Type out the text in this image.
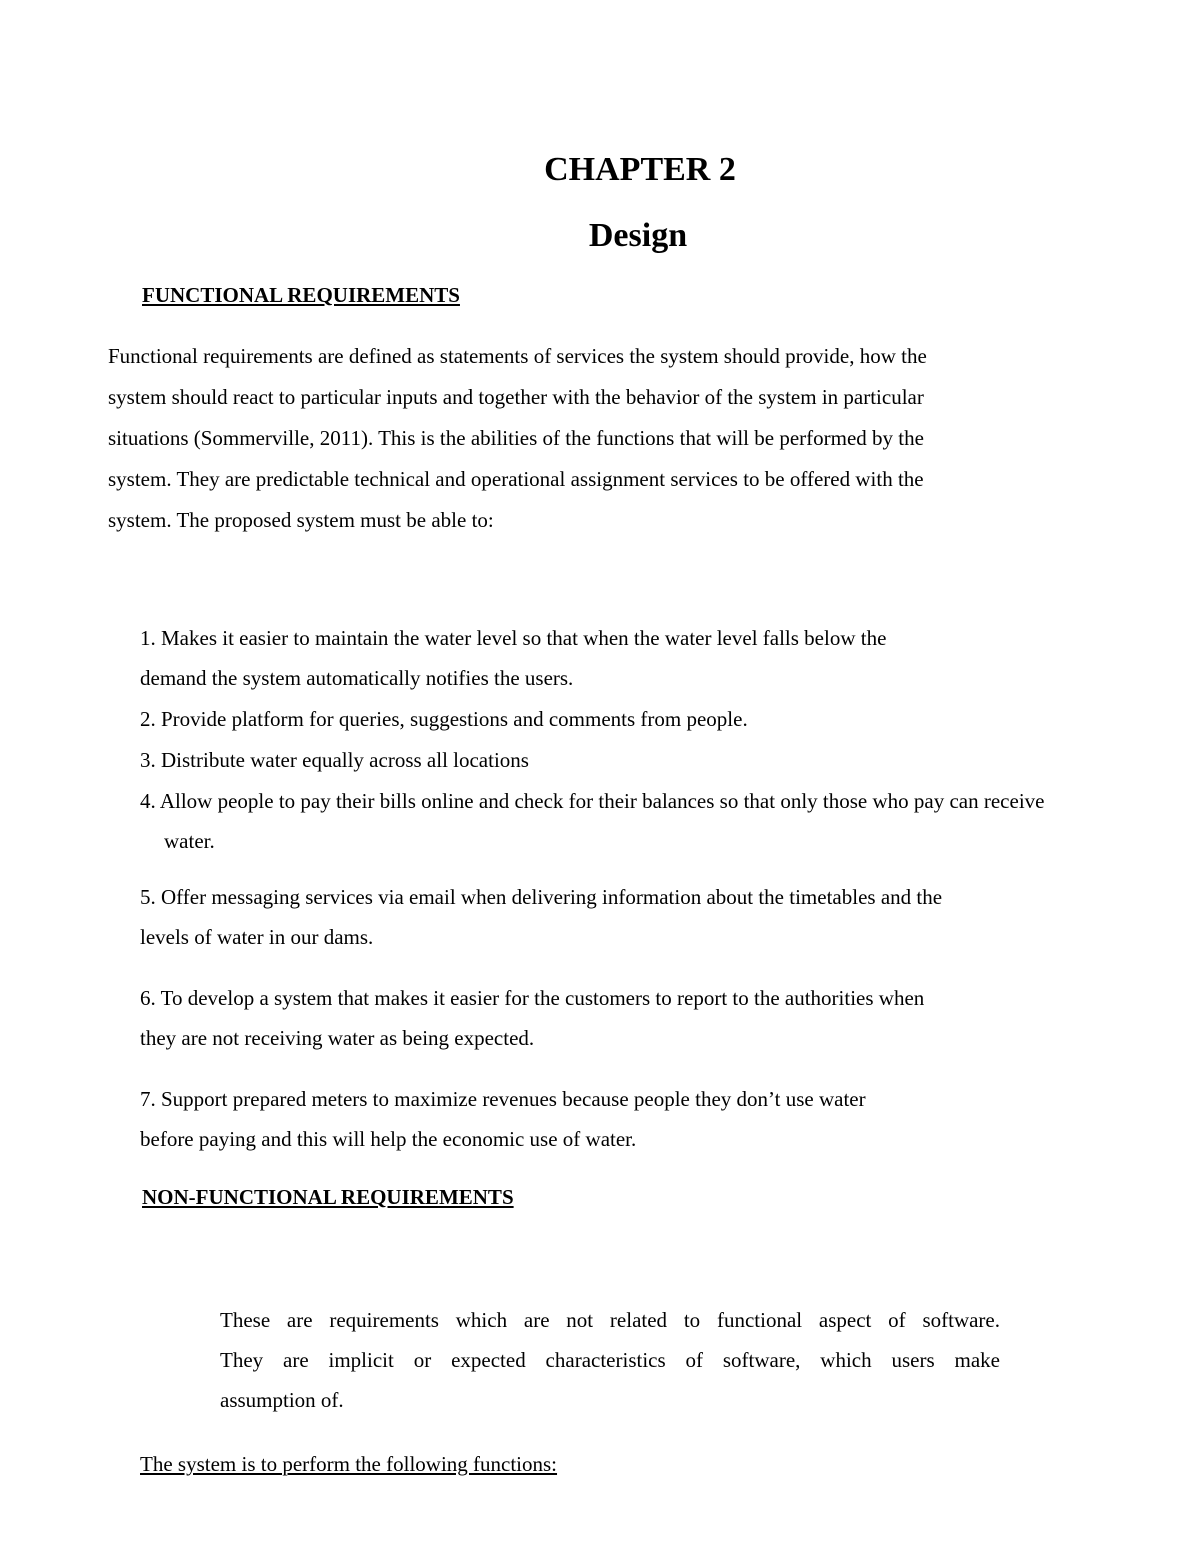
CHAPTER 2
Design
FUNCTIONAL REQUIREMENTS
Functional requirements are defined as statements of services the system should provide, how the
system should react to particular inputs and together with the behavior of the system in particular
situations (Sommerville, 2011). This is the abilities of the functions that will be performed by the
system. They are predictable technical and operational assignment services to be offered with the
system. The proposed system must be able to:
1. Makes it easier to maintain the water level so that when the water level falls below the
demand the system automatically notifies the users.
2. Provide platform for queries, suggestions and comments from people.
3. Distribute water equally across all locations
4. Allow people to pay their bills online and check for their balances so that only those who pay can receive
water.
5. Offer messaging services via email when delivering information about the timetables and the
levels of water in our dams.
6. To develop a system that makes it easier for the customers to report to the authorities when
they are not receiving water as being expected.
7. Support prepared meters to maximize revenues because people they don’t use water
before paying and this will help the economic use of water.
NON-FUNCTIONAL REQUIREMENTS
These are requirements which are not related to functional aspect of software.
They are implicit or expected characteristics of software, which users make
assumption of.
The system is to perform the following functions:
